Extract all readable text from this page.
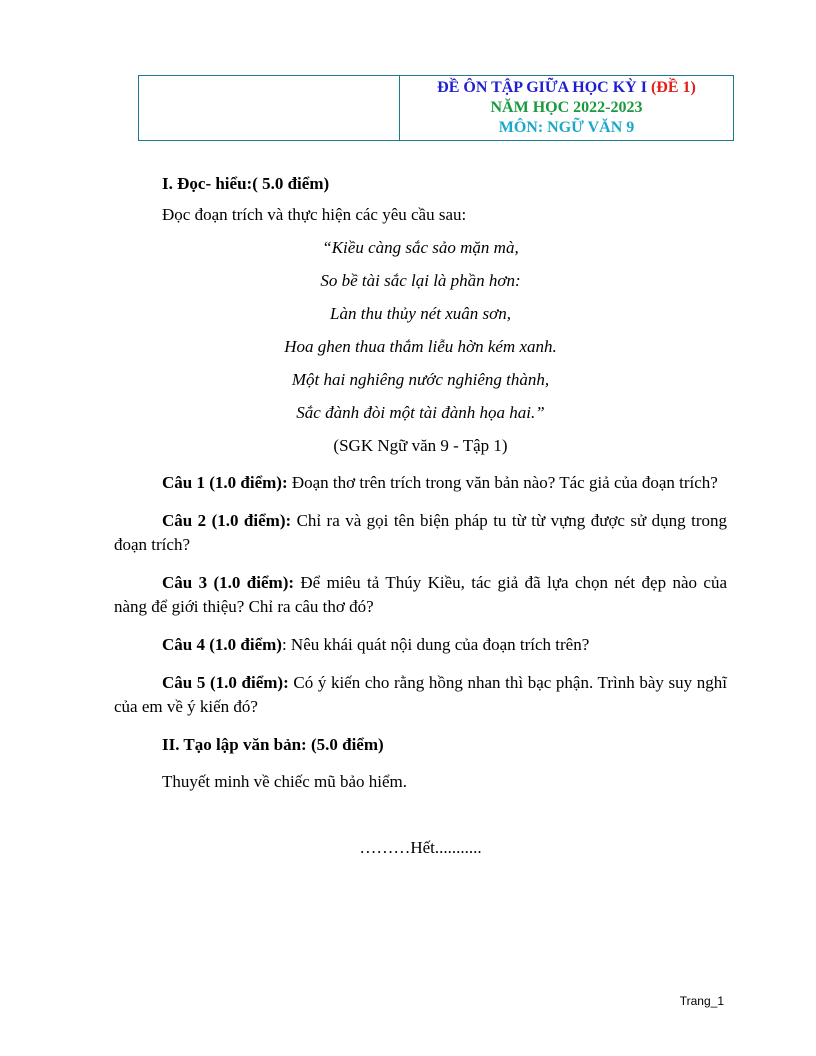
ĐỀ ÔN TẬP GIỮA HỌC KỲ I (ĐỀ 1)
NĂM HỌC 2022-2023
MÔN: NGỮ VĂN 9

I. Đọc- hiểu:( 5.0 điểm)

Đọc đoạn trích và thực hiện các yêu cầu sau:

“Kiều càng sắc sảo mặn mà,

So bề tài sắc lại là phần hơn:

Làn thu thủy nét xuân sơn,

Hoa ghen thua thắm liễu hờn kém xanh.

Một hai nghiêng nước nghiêng thành,

Sắc đành đòi một tài đành họa hai.”

(SGK Ngữ văn 9 - Tập 1)

Câu 1 (1.0 điểm): Đoạn thơ trên trích trong văn bản nào? Tác giả của đoạn trích?

Câu 2 (1.0 điểm): Chỉ ra và gọi tên biện pháp tu từ từ vựng được sử dụng trong đoạn trích?

Câu 3 (1.0 điểm): Để miêu tả Thúy Kiều, tác giả đã lựa chọn nét đẹp nào của nàng để giới thiệu? Chỉ ra câu thơ đó?

Câu 4 (1.0 điểm): Nêu khái quát nội dung của đoạn trích trên?

Câu 5 (1.0 điểm): Có ý kiến cho rằng hồng nhan thì bạc phận. Trình bày suy nghĩ của em về ý kiến đó?

II. Tạo lập văn bản: (5.0 điểm)

Thuyết minh về chiếc mũ bảo hiểm.

………Hết...........

Trang_1
